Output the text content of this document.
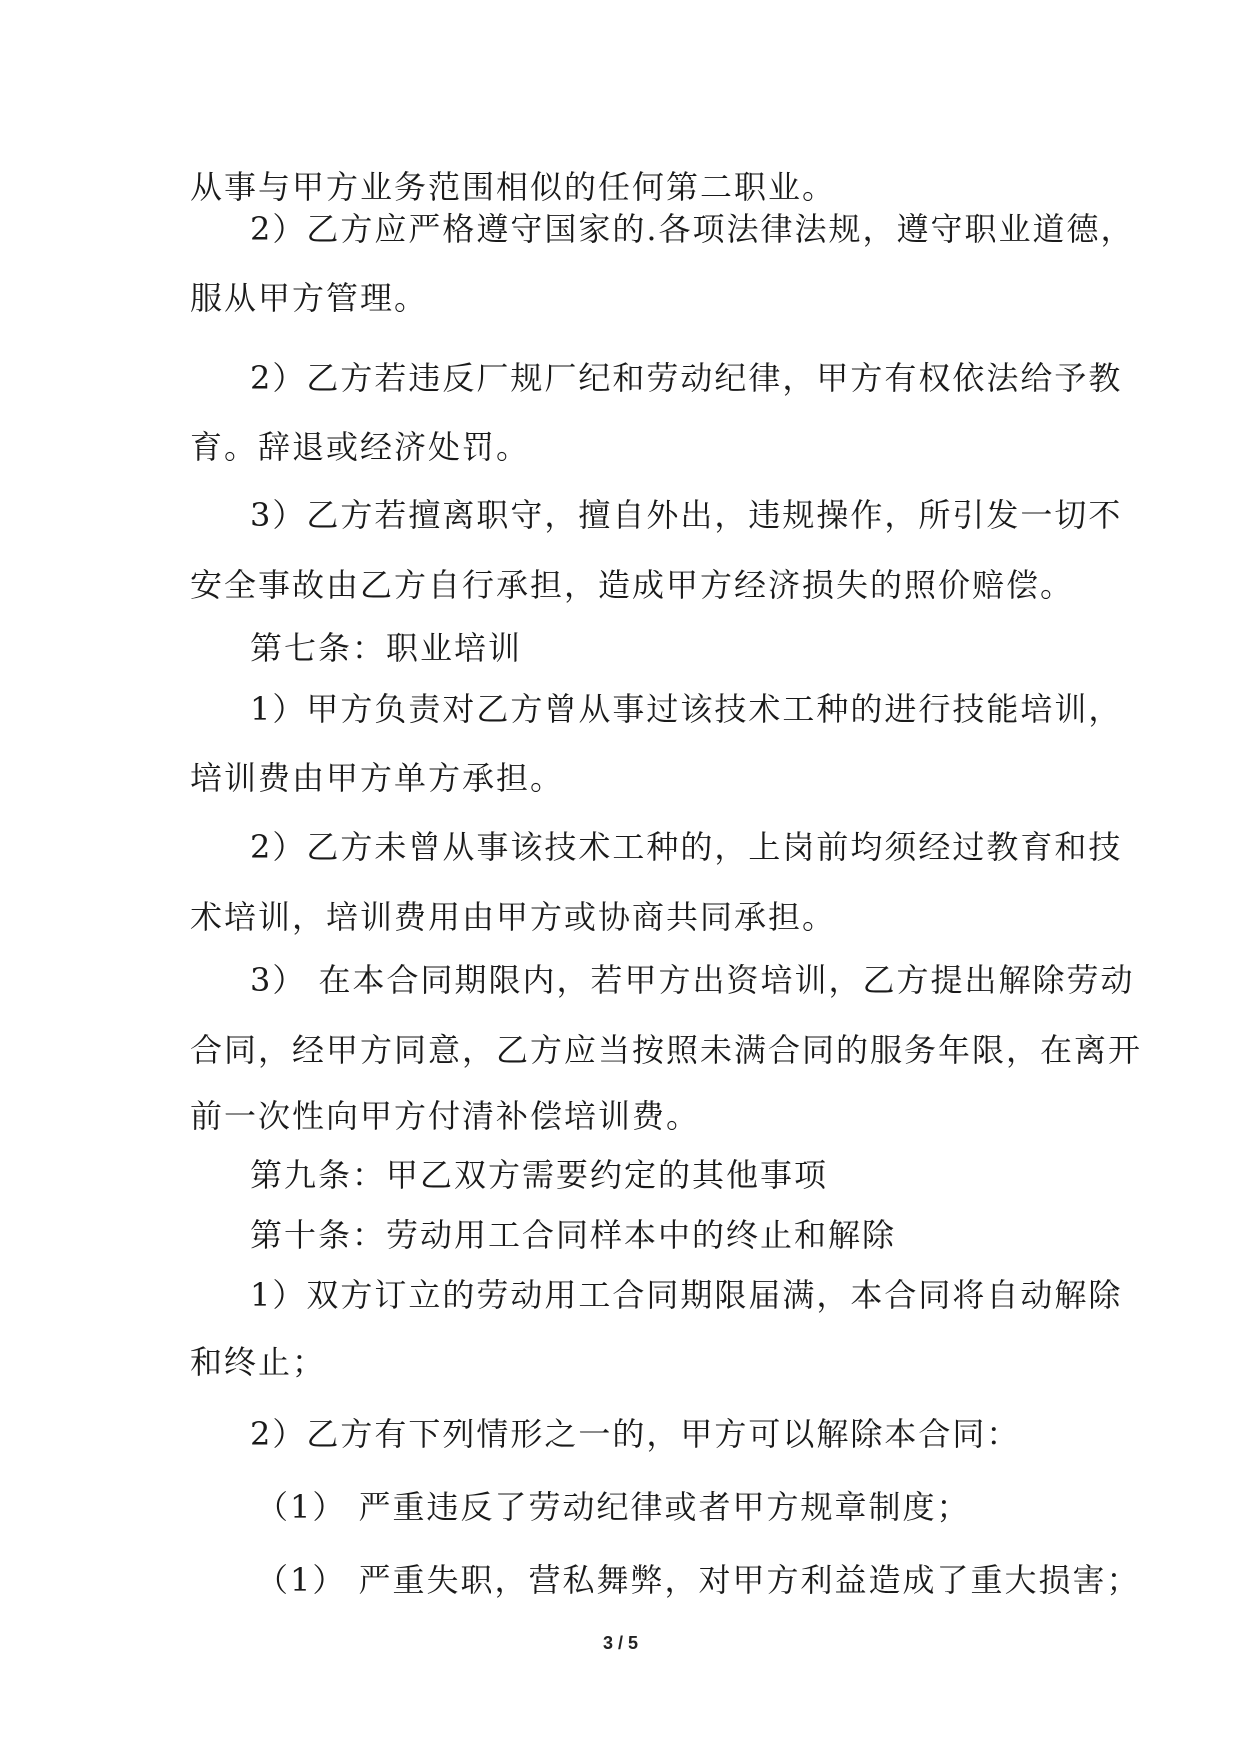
从事与甲方业务范围相似的任何第二职业。
2）乙方应严格遵守国家的.各项法律法规，遵守职业道德，
服从甲方管理。
2）乙方若违反厂规厂纪和劳动纪律，甲方有权依法给予教
育。辞退或经济处罚。
3）乙方若擅离职守，擅自外出，违规操作，所引发一切不
安全事故由乙方自行承担，造成甲方经济损失的照价赔偿。
第七条：职业培训
1）甲方负责对乙方曾从事过该技术工种的进行技能培训，
培训费由甲方单方承担。
2）乙方未曾从事该技术工种的，上岗前均须经过教育和技
术培训，培训费用由甲方或协商共同承担。
3） 在本合同期限内，若甲方出资培训，乙方提出解除劳动
合同，经甲方同意，乙方应当按照未满合同的服务年限，在离开
前一次性向甲方付清补偿培训费。
第九条：甲乙双方需要约定的其他事项
第十条：劳动用工合同样本中的终止和解除
1）双方订立的劳动用工合同期限届满，本合同将自动解除
和终止；
2）乙方有下列情形之一的，甲方可以解除本合同：
（1） 严重违反了劳动纪律或者甲方规章制度；
（1） 严重失职，营私舞弊，对甲方利益造成了重大损害；
3 / 5
